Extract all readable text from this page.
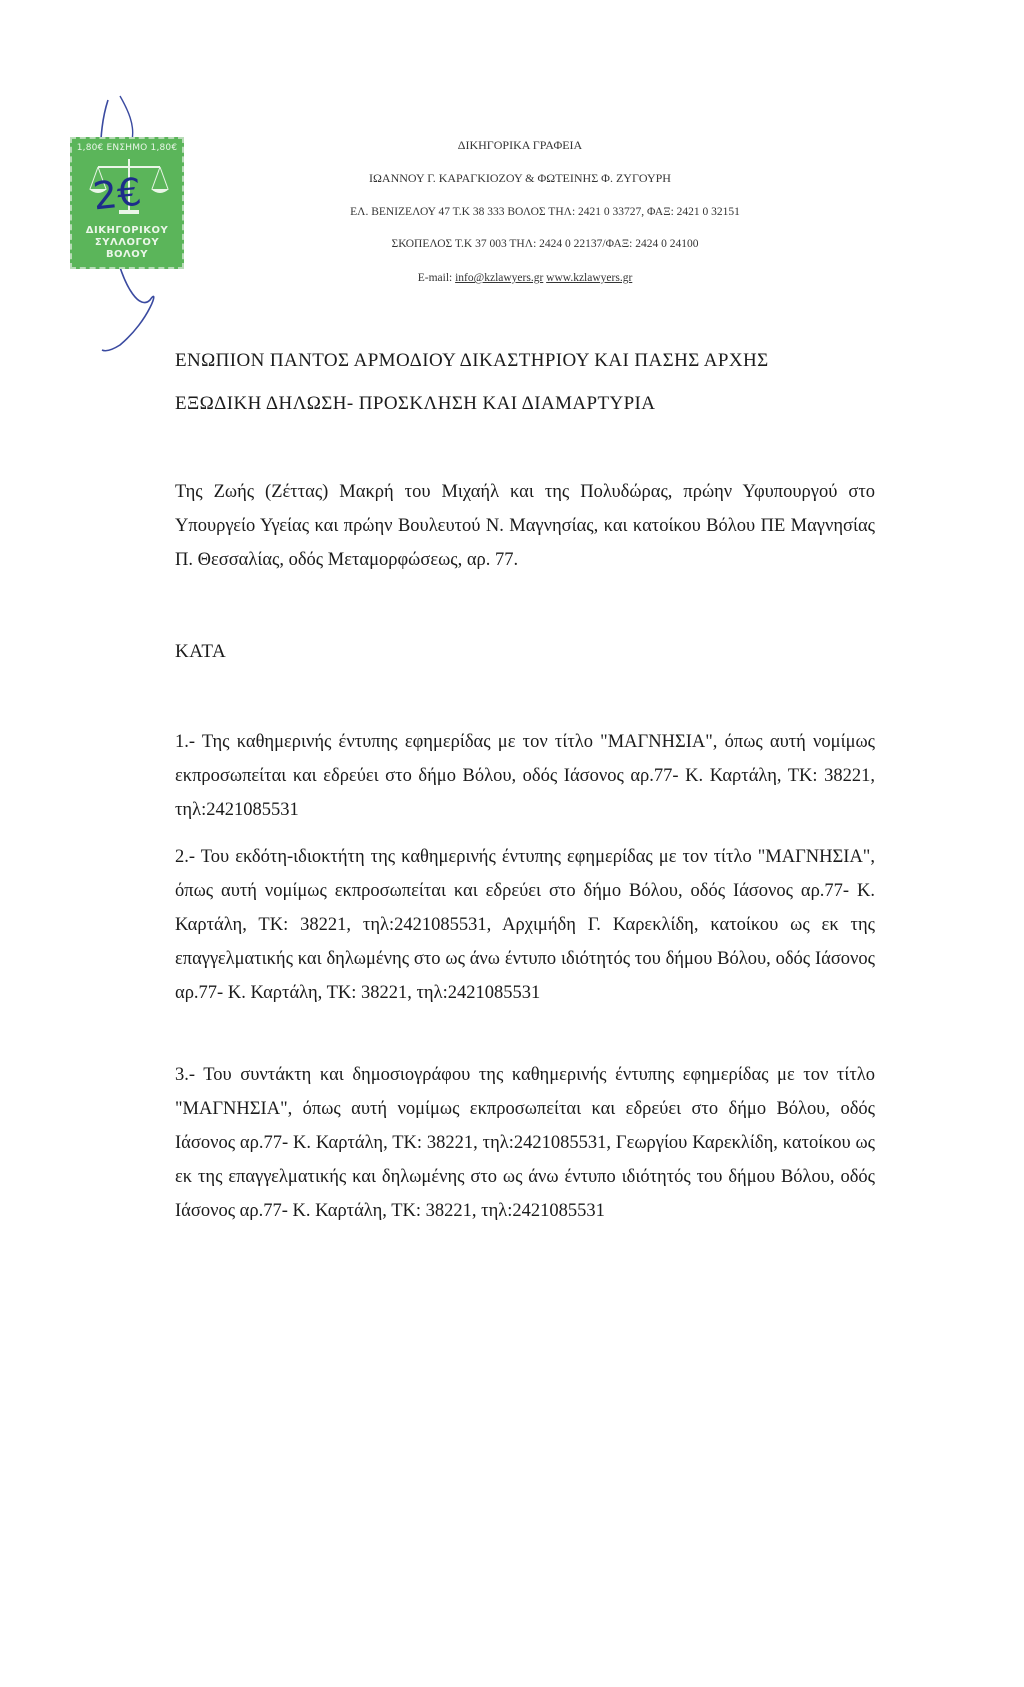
1,80€ ΕΝΣΗΜΟ 1,80€
ΔΙΚΗΓΟΡΙΚΟΥ ΣΥΛΛΟΓΟΥ ΒΟΛΟΥ
2€
ΔΙΚΗΓΟΡΙΚΑ ΓΡΑΦΕΙΑ
ΙΩΑΝΝΟΥ Γ. ΚΑΡΑΓΚΙΟΖΟΥ & ΦΩΤΕΙΝΗΣ Φ. ΖΥΓΟΥΡΗ
ΕΛ. ΒΕΝΙΖΕΛΟΥ 47 Τ.Κ 38 333 ΒΟΛΟΣ ΤΗΛ: 2421 0 33727, ΦΑΞ: 2421 0 32151
ΣΚΟΠΕΛΟΣ Τ.Κ 37 003 ΤΗΛ: 2424 0 22137/ΦΑΞ: 2424 0 24100
E-mail: info@kzlawyers.gr www.kzlawyers.gr
ΕΝΩΠΙΟΝ ΠΑΝΤΟΣ ΑΡΜΟΔΙΟΥ ΔΙΚΑΣΤΗΡΙΟΥ ΚΑΙ ΠΑΣΗΣ ΑΡΧΗΣ
ΕΞΩΔΙΚΗ ΔΗΛΩΣΗ- ΠΡΟΣΚΛΗΣΗ ΚΑΙ ΔΙΑΜΑΡΤΥΡΙΑ
Της Ζωής (Ζέττας) Μακρή του Μιχαήλ και της Πολυδώρας, πρώην Υφυπουργού στο Υπουργείο Υγείας και πρώην Βουλευτού Ν. Μαγνησίας, και κατοίκου Βόλου ΠΕ Μαγνησίας Π. Θεσσαλίας, οδός Μεταμορφώσεως, αρ. 77.
ΚΑΤΑ
1.- Της καθημερινής έντυπης εφημερίδας με τον τίτλο "ΜΑΓΝΗΣΙΑ", όπως αυτή νομίμως εκπροσωπείται και εδρεύει στο δήμο Βόλου, οδός Ιάσονος αρ.77- Κ. Καρτάλη, ΤΚ: 38221, τηλ:2421085531
2.- Του εκδότη-ιδιοκτήτη της καθημερινής έντυπης εφημερίδας με τον τίτλο "ΜΑΓΝΗΣΙΑ", όπως αυτή νομίμως εκπροσωπείται και εδρεύει στο δήμο Βόλου, οδός Ιάσονος αρ.77- Κ. Καρτάλη, ΤΚ: 38221, τηλ:2421085531, Αρχιμήδη Γ. Καρεκλίδη, κατοίκου ως εκ της επαγγελματικής και δηλωμένης στο ως άνω έντυπο ιδιότητός του δήμου Βόλου, οδός Ιάσονος αρ.77- Κ. Καρτάλη, ΤΚ: 38221, τηλ:2421085531
3.- Του συντάκτη και δημοσιογράφου της καθημερινής έντυπης εφημερίδας με τον τίτλο "ΜΑΓΝΗΣΙΑ", όπως αυτή νομίμως εκπροσωπείται και εδρεύει στο δήμο Βόλου, οδός Ιάσονος αρ.77- Κ. Καρτάλη, ΤΚ: 38221, τηλ:2421085531, Γεωργίου Καρεκλίδη, κατοίκου ως εκ της επαγγελματικής και δηλωμένης στο ως άνω έντυπο ιδιότητός του δήμου Βόλου, οδός Ιάσονος αρ.77- Κ. Καρτάλη, ΤΚ: 38221, τηλ:2421085531
